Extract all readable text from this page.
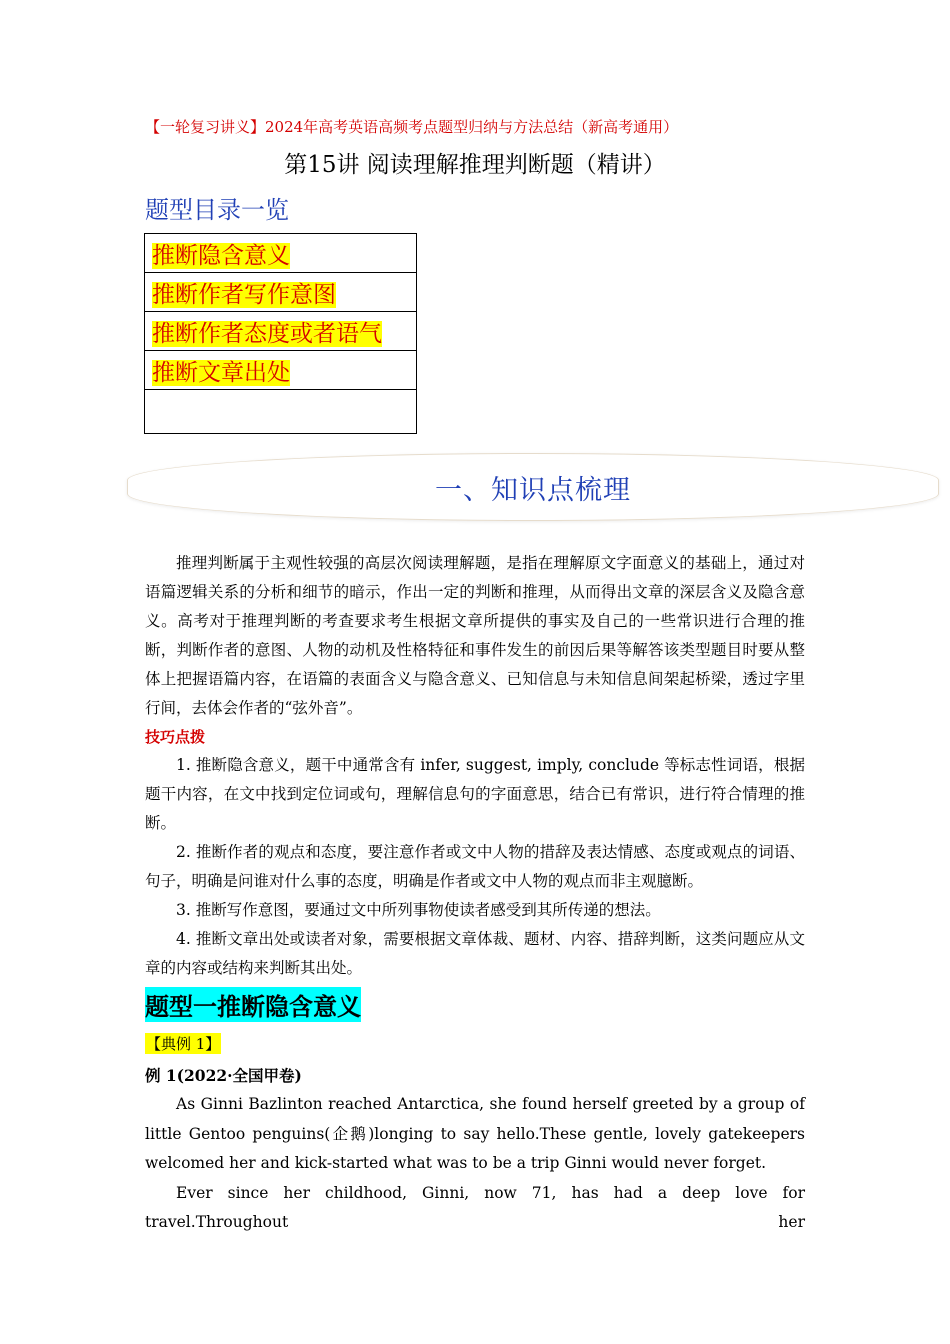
【一轮复习讲义】2024年高考英语高频考点题型归纳与方法总结（新高考通用）
第15讲 阅读理解推理判断题（精讲）
题型目录一览
推断隐含意义
推断作者写作意图
推断作者态度或者语气
推断文章出处

一、知识点梳理

推理判断属于主观性较强的高层次阅读理解题，是指在理解原文字面意义的基础上，通过对语篇逻辑关系的分析和细节的暗示，作出一定的判断和推理，从而得出文章的深层含义及隐含意义。高考对于推理判断的考查要求考生根据文章所提供的事实及自己的一些常识进行合理的推断，判断作者的意图、人物的动机及性格特征和事件发生的前因后果等解答该类型题目时要从整体上把握语篇内容，在语篇的表面含义与隐含意义、已知信息与未知信息间架起桥梁，透过字里行间，去体会作者的“弦外音”。

技巧点拨

1. 推断隐含意义，题干中通常含有 infer, suggest, imply, conclude 等标志性词语，根据题干内容，在文中找到定位词或句，理解信息句的字面意思，结合已有常识，进行符合情理的推断。

2. 推断作者的观点和态度，要注意作者或文中人物的措辞及表达情感、态度或观点的词语、句子，明确是问谁对什么事的态度，明确是作者或文中人物的观点而非主观臆断。

3. 推断写作意图，要通过文中所列事物使读者感受到其所传递的想法。

4. 推断文章出处或读者对象，需要根据文章体裁、题材、内容、措辞判断，这类问题应从文章的内容或结构来判断其出处。

题型一推断隐含意义
【典例 1】
例 1(2022·全国甲卷)

As Ginni Bazlinton reached Antarctica, she found herself greeted by a group of little Gentoo penguins(企鹅)longing to say hello.These gentle, lovely gatekeepers welcomed her and kick-started what was to be a trip Ginni would never forget.

Ever since her childhood, Ginni, now 71, has had a deep love for travel.Throughout her
